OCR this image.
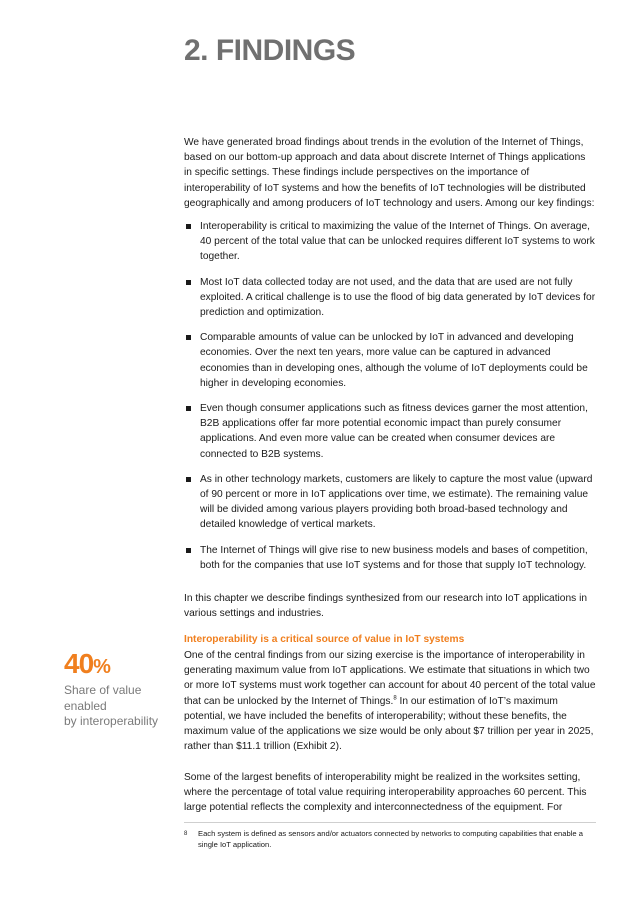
2. FINDINGS

We have generated broad findings about trends in the evolution of the Internet of Things, based on our bottom-up approach and data about discrete Internet of Things applications in specific settings. These findings include perspectives on the importance of interoperability of IoT systems and how the benefits of IoT technologies will be distributed geographically and among producers of IoT technology and users. Among our key findings:

Interoperability is critical to maximizing the value of the Internet of Things. On average, 40 percent of the total value that can be unlocked requires different IoT systems to work together.
Most IoT data collected today are not used, and the data that are used are not fully exploited. A critical challenge is to use the flood of big data generated by IoT devices for prediction and optimization.
Comparable amounts of value can be unlocked by IoT in advanced and developing economies. Over the next ten years, more value can be captured in advanced economies than in developing ones, although the volume of IoT deployments could be higher in developing economies.
Even though consumer applications such as fitness devices garner the most attention, B2B applications offer far more potential economic impact than purely consumer applications. And even more value can be created when consumer devices are connected to B2B systems.
As in other technology markets, customers are likely to capture the most value (upward of 90 percent or more in IoT applications over time, we estimate). The remaining value will be divided among various players providing both broad-based technology and detailed knowledge of vertical markets.
The Internet of Things will give rise to new business models and bases of competition, both for the companies that use IoT systems and for those that supply IoT technology.

In this chapter we describe findings synthesized from our research into IoT applications in various settings and industries.

Interoperability is a critical source of value in IoT systems

One of the central findings from our sizing exercise is the importance of interoperability in generating maximum value from IoT applications. We estimate that situations in which two or more IoT systems must work together can account for about 40 percent of the total value that can be unlocked by the Internet of Things.$^8$ In our estimation of IoT’s maximum potential, we have included the benefits of interoperability; without these benefits, the maximum value of the applications we size would be only about $7 trillion per year in 2025, rather than $11.1 trillion (Exhibit 2).

Some of the largest benefits of interoperability might be realized in the worksites setting, where the percentage of total value requiring interoperability approaches 60 percent. This large potential reflects the complexity and interconnectedness of the equipment. For

40%
Share of value
enabled
by interoperability
8	Each system is defined as sensors and/or actuators connected by networks to computing capabilities that enable a single IoT application.
